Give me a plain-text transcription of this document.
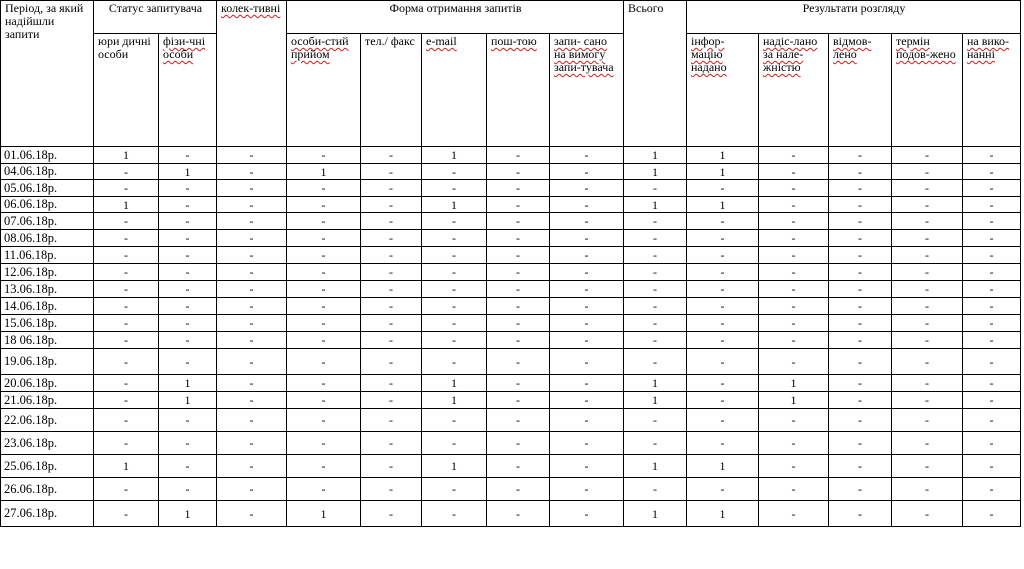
Період, за який надійшли запити	Статус запитувача		колек-тивні	Форма отримання запитів					Всього	Результати розгляду				
	юри дичні особи	фізи-чні особи		особи-стий прийом	тел./ факс	e-mail	пош-тою	запи- сано на вимогу запи-тувача		інфор-мацію надано	надіс-лано за нале-жністю	відмов-лено	термін подов-жено	на вико-нанні
01.06.18р.	1	-	-	-	-	1	-	-	1	1	-	-	-	-
04.06.18р.	-	1	-	1	-	-	-	-	1	1	-	-	-	-
05.06.18р.	-	-	-	-	-	-	-	-	-	-	-	-	-	-
06.06.18р.	1	-	-	-	-	1	-	-	1	1	-	-	-	-
07.06.18р.	-	-	-	-	-	-	-	-	-	-	-	-	-	-
08.06.18р.	-	-	-	-	-	-	-	-	-	-	-	-	-	-
11.06.18р.	-	-	-	-	-	-	-	-	-	-	-	-	-	-
12.06.18р.	-	-	-	-	-	-	-	-	-	-	-	-	-	-
13.06.18р.	-	-	-	-	-	-	-	-	-	-	-	-	-	-
14.06.18р.	-	-	-	-	-	-	-	-	-	-	-	-	-	-
15.06.18р.	-	-	-	-	-	-	-	-	-	-	-	-	-	-
18 06.18р.	-	-	-	-	-	-	-	-	-	-	-	-	-	-
19.06.18р.	-	-	-	-	-	-	-	-	-	-	-	-	-	-
20.06.18р.	-	1	-	-	-	1	-	-	1	-	1	-	-	-
21.06.18р.	-	1	-	-	-	1	-	-	1	-	1	-	-	-
22.06.18р.	-	-	-	-	-	-	-	-	-	-	-	-	-	-
23.06.18р.	-	-	-	-	-	-	-	-	-	-	-	-	-	-
25.06.18р.	1	-	-	-	-	1	-	-	1	1	-	-	-	-
26.06.18р.	-	-	-	-	-	-	-	-	-	-	-	-	-	-
27.06.18р.	-	1	-	1	-	-	-	-	1	1	-	-	-	-
